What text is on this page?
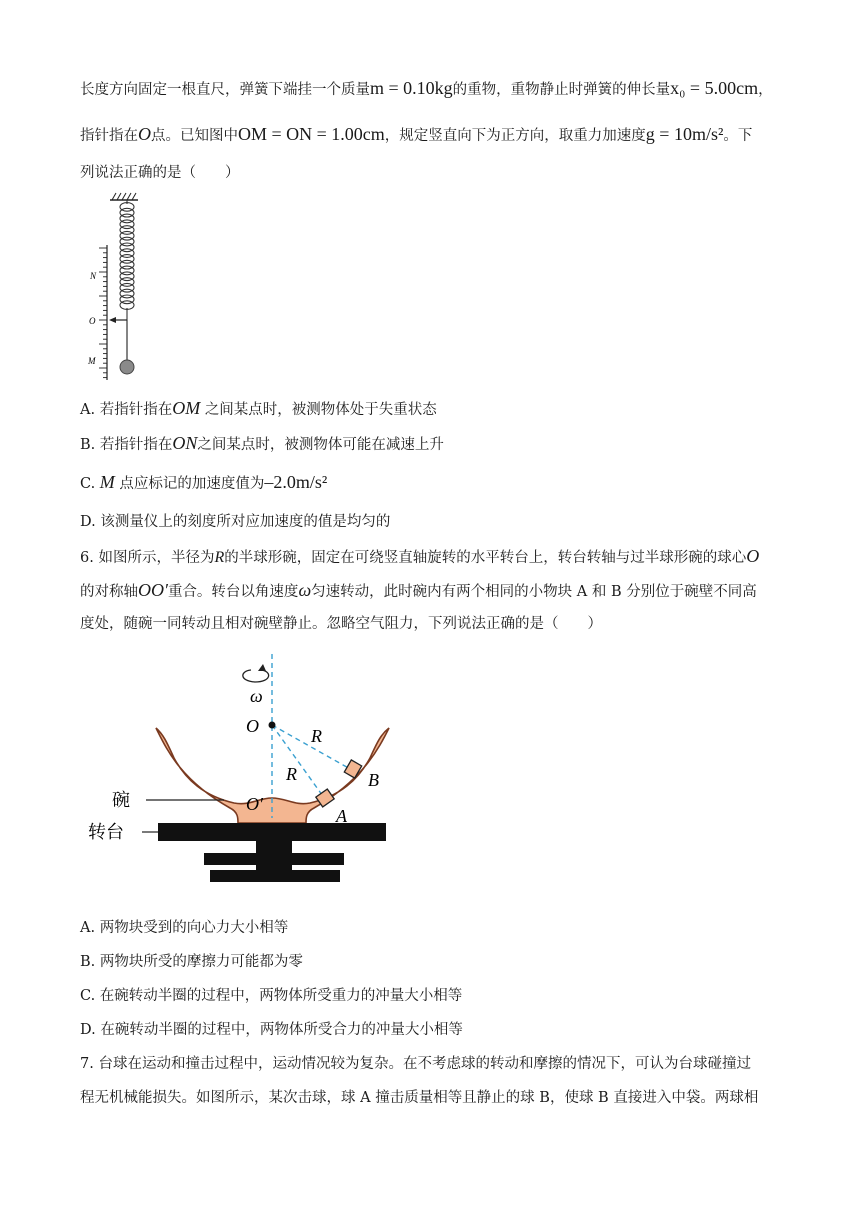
长度方向固定一根直尺，弹簧下端挂一个质量m = 0.10kg的重物，重物静止时弹簧的伸长量x₀ = 5.00cm，
指针指在O点。已知图中OM = ON = 1.00cm，规定竖直向下为正方向，取重力加速度g = 10m/s²。下
列说法正确的是（　　）
N
O
M
A. 若指针指在OM 之间某点时，被测物体处于失重状态
B. 若指针指在ON之间某点时，被测物体可能在减速上升
C. M 点应标记的加速度值为–2.0m/s²
D. 该测量仪上的刻度所对应加速度的值是均匀的
6. 如图所示，半径为R的半球形碗，固定在可绕竖直轴旋转的水平转台上，转台转轴与过半球形碗的球心O
的对称轴OO′重合。转台以角速度ω匀速转动，此时碗内有两个相同的小物块 A 和 B 分别位于碗壁不同高
度处，随碗一同转动且相对碗壁静止。忽略空气阻力，下列说法正确的是（　　）
ω
O	R
R	B
A
O′
碗
转台
A. 两物块受到的向心力大小相等
B. 两物块所受的摩擦力可能都为零
C. 在碗转动半圈的过程中，两物体所受重力的冲量大小相等
D. 在碗转动半圈的过程中，两物体所受合力的冲量大小相等
7. 台球在运动和撞击过程中，运动情况较为复杂。在不考虑球的转动和摩擦的情况下，可认为台球碰撞过
程无机械能损失。如图所示，某次击球，球 A 撞击质量相等且静止的球 B，使球 B 直接进入中袋。两球相
